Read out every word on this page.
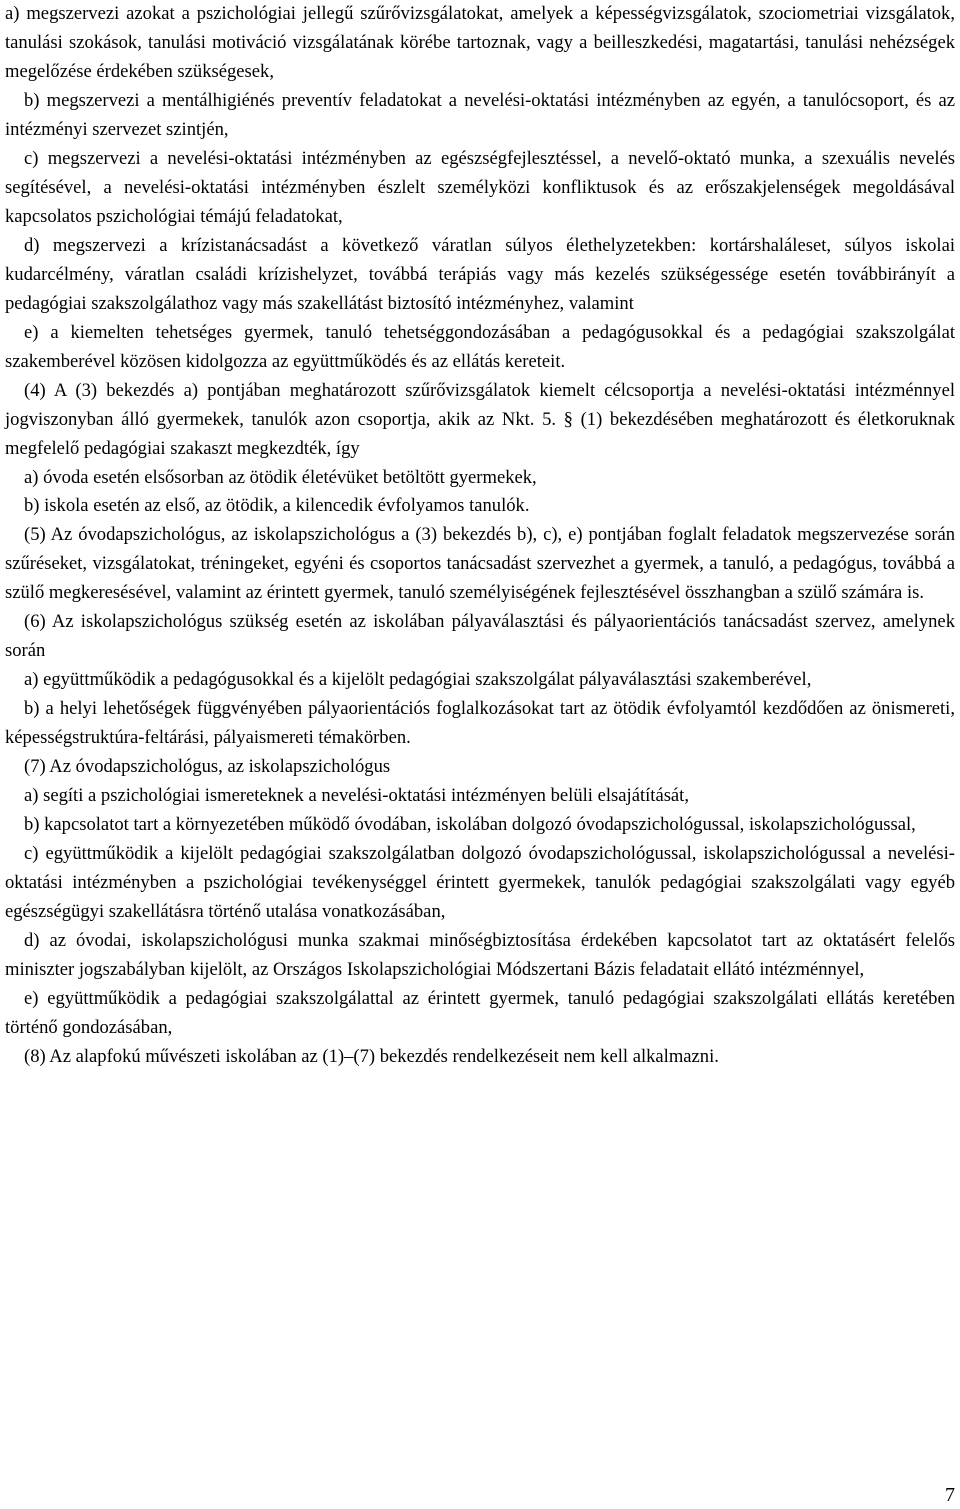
a) megszervezi azokat a pszichológiai jellegű szűrővizsgálatokat, amelyek a képességvizsgálatok, szociometriai vizsgálatok, tanulási szokások, tanulási motiváció vizsgálatának körébe tartoznak, vagy a beilleszkedési, magatartási, tanulási nehézségek megelőzése érdekében szükségesek,

b) megszervezi a mentálhigiénés preventív feladatokat a nevelési-oktatási intézményben az egyén, a tanulócsoport, és az intézményi szervezet szintjén,

c) megszervezi a nevelési-oktatási intézményben az egészségfejlesztéssel, a nevelő-oktató munka, a szexuális nevelés segítésével, a nevelési-oktatási intézményben észlelt személyközi konfliktusok és az erőszakjelenségek megoldásával kapcsolatos pszichológiai témájú feladatokat,

d) megszervezi a krízistanácsadást a következő váratlan súlyos élethelyzetekben: kortárshaláleset, súlyos iskolai kudarcélmény, váratlan családi krízishelyzet, továbbá terápiás vagy más kezelés szükségessége esetén továbbirányít a pedagógiai szakszolgálathoz vagy más szakellátást biztosító intézményhez, valamint

e) a kiemelten tehetséges gyermek, tanuló tehetséggondozásában a pedagógusokkal és a pedagógiai szakszolgálat szakemberével közösen kidolgozza az együttműködés és az ellátás kereteit.

(4) A (3) bekezdés a) pontjában meghatározott szűrővizsgálatok kiemelt célcsoportja a nevelési-oktatási intézménnyel jogviszonyban álló gyermekek, tanulók azon csoportja, akik az Nkt. 5. § (1) bekezdésében meghatározott és életkoruknak megfelelő pedagógiai szakaszt megkezdték, így

a) óvoda esetén elsősorban az ötödik életévüket betöltött gyermekek,

b) iskola esetén az első, az ötödik, a kilencedik évfolyamos tanulók.

(5) Az óvodapszichológus, az iskolapszichológus a (3) bekezdés b), c), e) pontjában foglalt feladatok megszervezése során szűréseket, vizsgálatokat, tréningeket, egyéni és csoportos tanácsadást szervezhet a gyermek, a tanuló, a pedagógus, továbbá a szülő megkeresésével, valamint az érintett gyermek, tanuló személyiségének fejlesztésével összhangban a szülő számára is.

(6) Az iskolapszichológus szükség esetén az iskolában pályaválasztási és pályaorientációs tanácsadást szervez, amelynek során

a) együttműködik a pedagógusokkal és a kijelölt pedagógiai szakszolgálat pályaválasztási szakemberével,

b) a helyi lehetőségek függvényében pályaorientációs foglalkozásokat tart az ötödik évfolyamtól kezdődően az önismereti, képességstruktúra-feltárási, pályaismereti témakörben.

(7) Az óvodapszichológus, az iskolapszichológus

a) segíti a pszichológiai ismereteknek a nevelési-oktatási intézményen belüli elsajátítását,

b) kapcsolatot tart a környezetében működő óvodában, iskolában dolgozó óvodapszichológussal, iskolapszichológussal,

c) együttműködik a kijelölt pedagógiai szakszolgálatban dolgozó óvodapszichológussal, iskolapszichológussal a nevelési-oktatási intézményben a pszichológiai tevékenységgel érintett gyermekek, tanulók pedagógiai szakszolgálati vagy egyéb egészségügyi szakellátásra történő utalása vonatkozásában,

d) az óvodai, iskolapszichológusi munka szakmai minőségbiztosítása érdekében kapcsolatot tart az oktatásért felelős miniszter jogszabályban kijelölt, az Országos Iskolapszichológiai Módszertani Bázis feladatait ellátó intézménnyel,

e) együttműködik a pedagógiai szakszolgálattal az érintett gyermek, tanuló pedagógiai szakszolgálati ellátás keretében történő gondozásában,

(8) Az alapfokú művészeti iskolában az (1)–(7) bekezdés rendelkezéseit nem kell alkalmazni.

7
